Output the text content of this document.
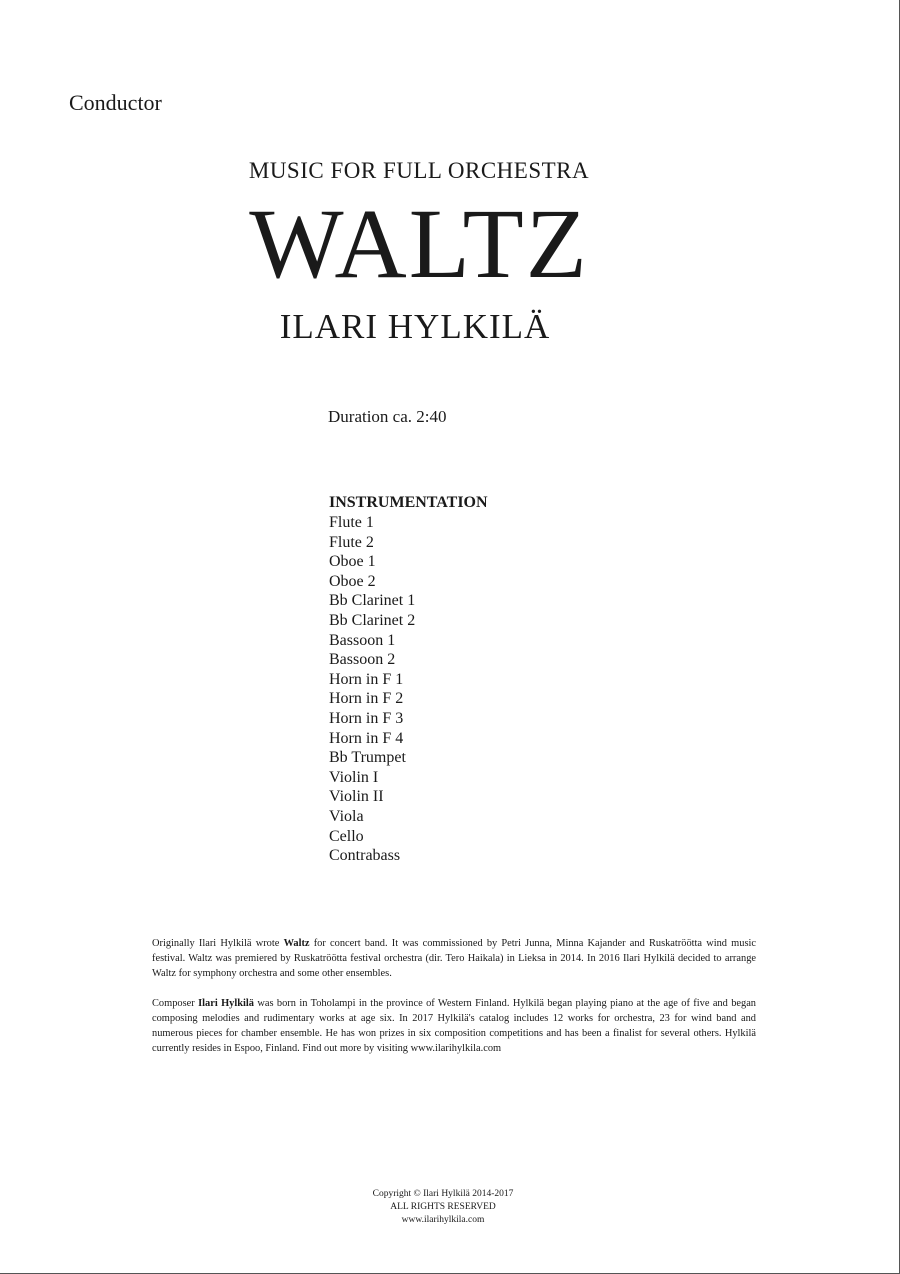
Conductor
MUSIC FOR FULL ORCHESTRA
WALTZ
ILARI HYLKILÄ
Duration ca. 2:40
INSTRUMENTATION
Flute 1
Flute 2
Oboe 1
Oboe 2
Bb Clarinet 1
Bb Clarinet 2
Bassoon 1
Bassoon 2
Horn in F 1
Horn in F 2
Horn in F 3
Horn in F 4
Bb Trumpet
Violin I
Violin II
Viola
Cello
Contrabass

Originally Ilari Hylkilä wrote Waltz for concert band. It was commissioned by Petri Junna, Minna Kajander and Ruskatröötta wind music festival. Waltz was premiered by Ruskatröötta festival orchestra (dir. Tero Haikala) in Lieksa in 2014. In 2016 Ilari Hylkilä decided to arrange Waltz for symphony orchestra and some other ensembles.

Composer Ilari Hylkilä was born in Toholampi in the province of Western Finland. Hylkilä began playing piano at the age of five and began composing melodies and rudimentary works at age six. In 2017 Hylkilä's catalog includes 12 works for orchestra, 23 for wind band and numerous pieces for chamber ensemble. He has won prizes in six composition competitions and has been a finalist for several others. Hylkilä currently resides in Espoo, Finland. Find out more by visiting www.ilarihylkila.com

Copyright © Ilari Hylkilä 2014-2017
ALL RIGHTS RESERVED
www.ilarihylkila.com
